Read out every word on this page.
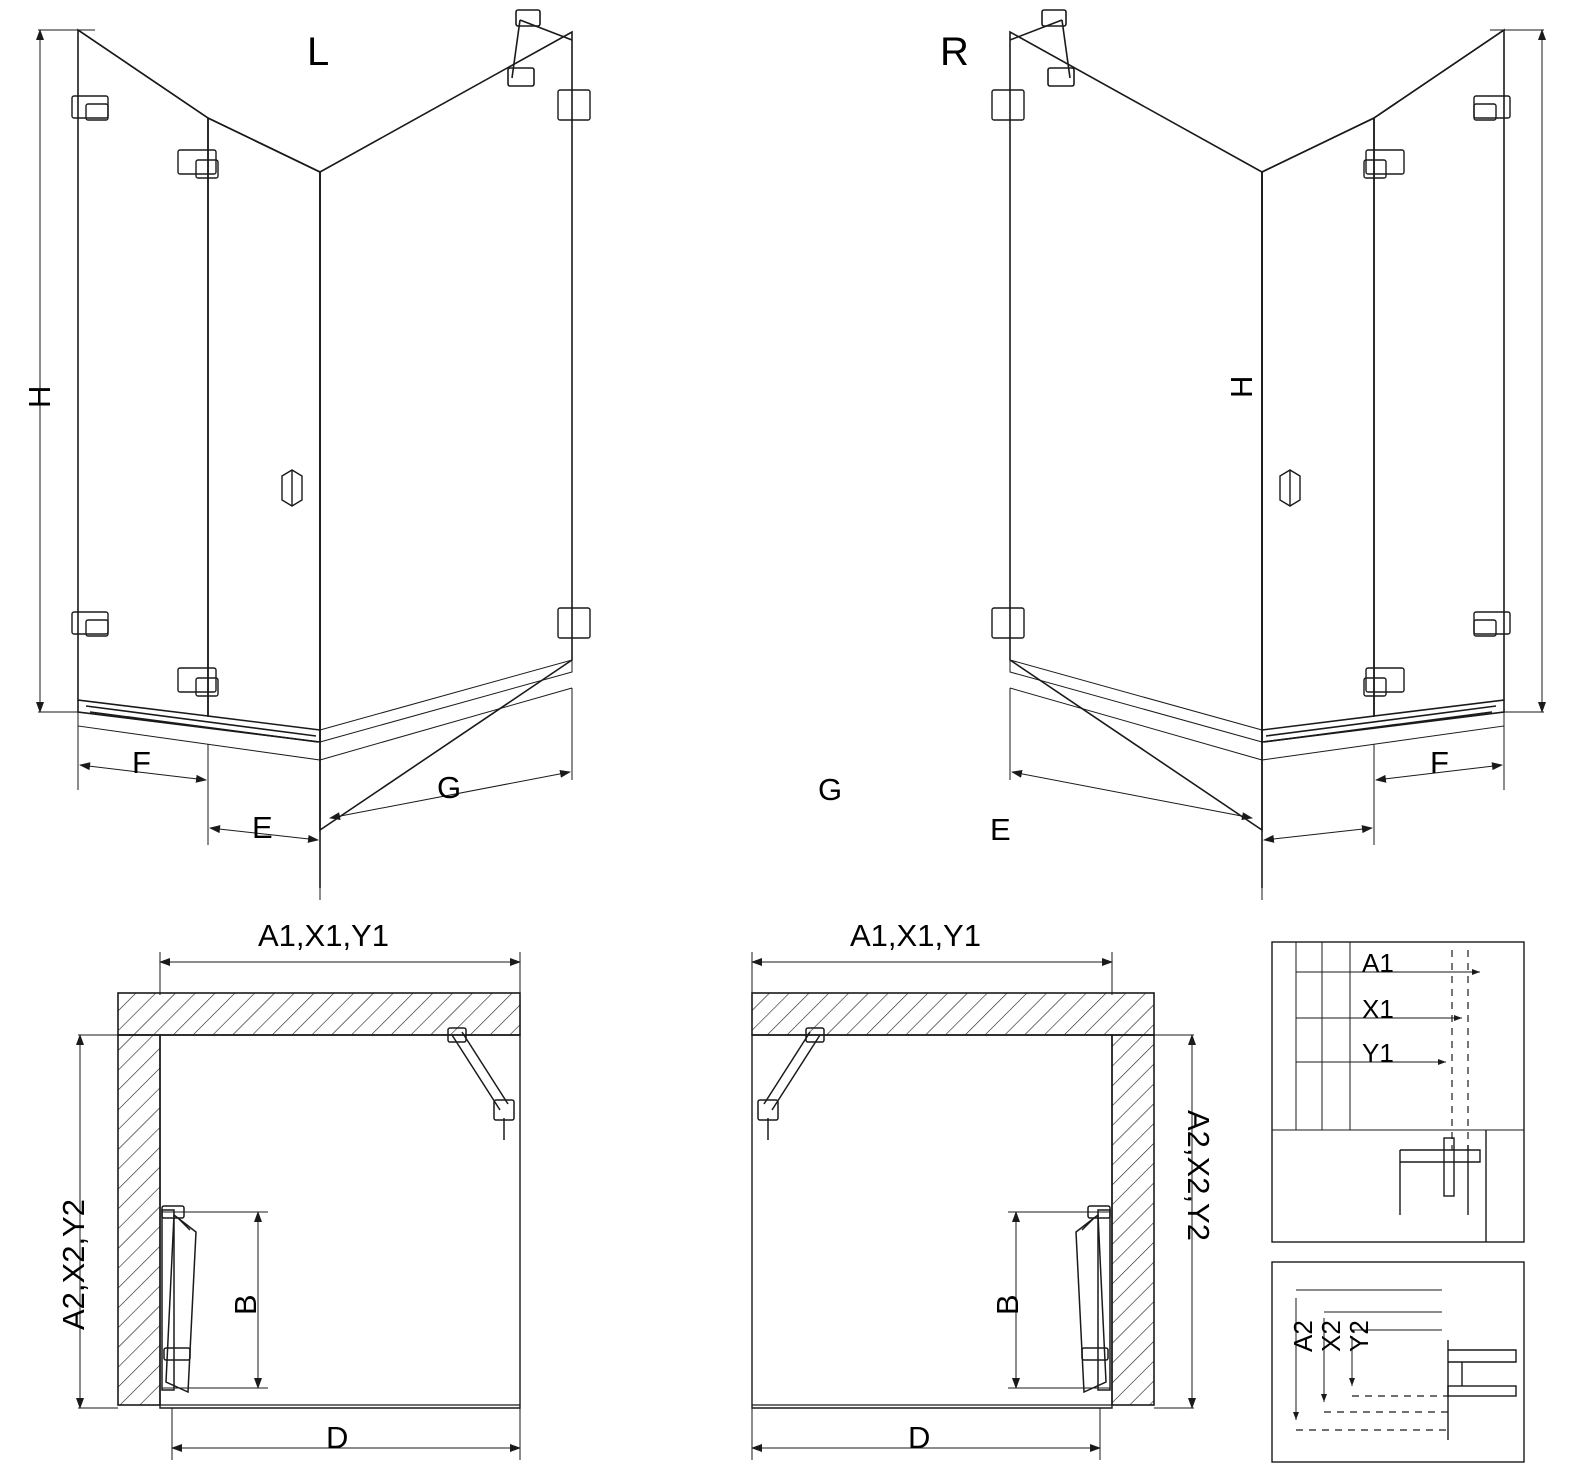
L	R
H	H
F
E
G
F
E
G
A1,X1,Y1	A1,X1,Y1
A2,X2,Y2
A2,X2,Y2
B	B
D	D
A1
X1
Y1
A2
X2
Y2
